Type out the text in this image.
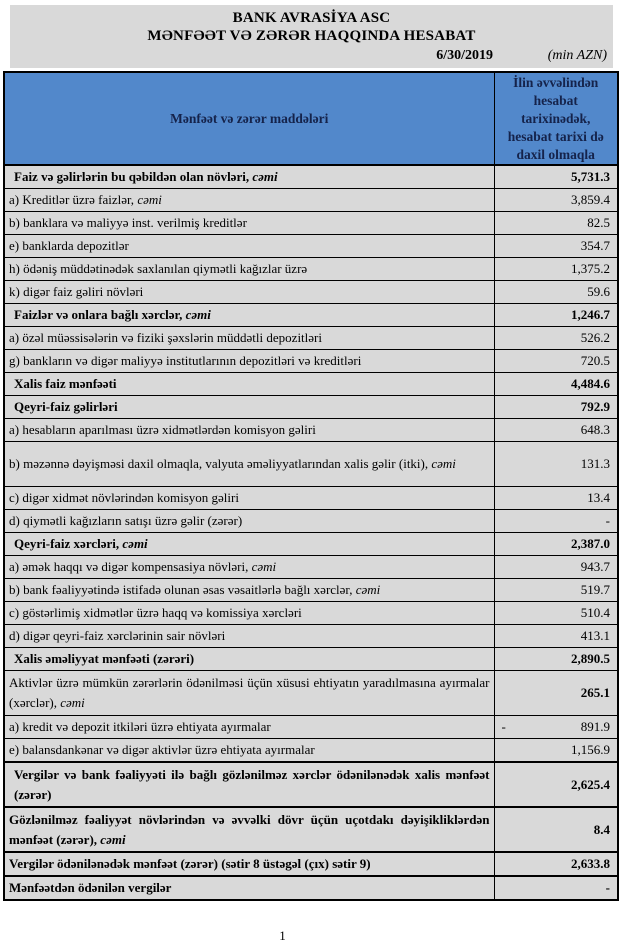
BANK AVRASİYA ASC
MƏNFƏƏT VƏ ZƏRƏR HAQQINDA HESABAT
6/30/2019	(min AZN)
Mənfəət və zərər maddələri	İlin əvvəlindən hesabat tarixinədək, hesabat tarixi də daxil olmaqla

Faiz və gəlirlərin bu qəbildən olan növləri, cəmi	5,731.3

a) Kreditlər üzrə faizlər, cəmi	3,859.4

b) banklara və maliyyə inst. verilmiş kreditlər	82.5

e) banklarda depozitlər	354.7

h) ödəniş müddətinədək saxlanılan qiymətli kağızlar üzrə	1,375.2

k) digər faiz gəliri növləri	59.6

Faizlər və onlara bağlı xərclər, cəmi	1,246.7

a) özəl müəssisələrin və fiziki şəxslərin müddətli depozitləri	526.2

g) bankların və digər maliyyə institutlarının depozitləri və kreditləri	720.5

Xalis faiz mənfəəti	4,484.6

Qeyri-faiz gəlirləri	792.9

a) hesabların aparılması üzrə xidmətlərdən komisyon gəliri	648.3

b) məzənnə dəyişməsi daxil olmaqla, valyuta əməliyyatlarından xalis gəlir (itki), cəmi	131.3

c) digər xidmət növlərindən komisyon gəliri	13.4

d) qiymətli kağızların satışı üzrə gəlir (zərər)	-

Qeyri-faiz xərcləri, cəmi	2,387.0

a) əmək haqqı və digər kompensasiya növləri, cəmi	943.7

b) bank fəaliyyətində istifadə olunan əsas vəsaitlərlə bağlı xərclər, cəmi	519.7

c) göstərlimiş xidmətlər üzrə haqq və komissiya xərcləri	510.4

d) digər qeyri-faiz xərclərinin sair növləri	413.1

Xalis əməliyyat mənfəəti (zərəri)	2,890.5

Aktivlər üzrə mümkün zərərlərin ödənilməsi üçün xüsusi ehtiyatın yaradılmasına ayırmalar (xərclər), cəmi	265.1

a) kredit və depozit itkiləri üzrə ehtiyata ayırmalar	- 891.9

e) balansdankənar və digər aktivlər üzrə ehtiyata ayırmalar	1,156.9

Vergilər və bank fəaliyyəti ilə bağlı gözlənilməz xərclər ödənilənədək xalis mənfəət (zərər)	2,625.4

Gözlənilməz fəaliyyət növlərindən və əvvəlki dövr üçün uçotdakı dəyişikliklərdən mənfəət (zərər), cəmi	8.4

Vergilər ödənilənədək mənfəət (zərər) (sətir 8 üstəgəl (çıx) sətir 9)	2,633.8

Mənfəətdən ödənilən vergilər	-
1
